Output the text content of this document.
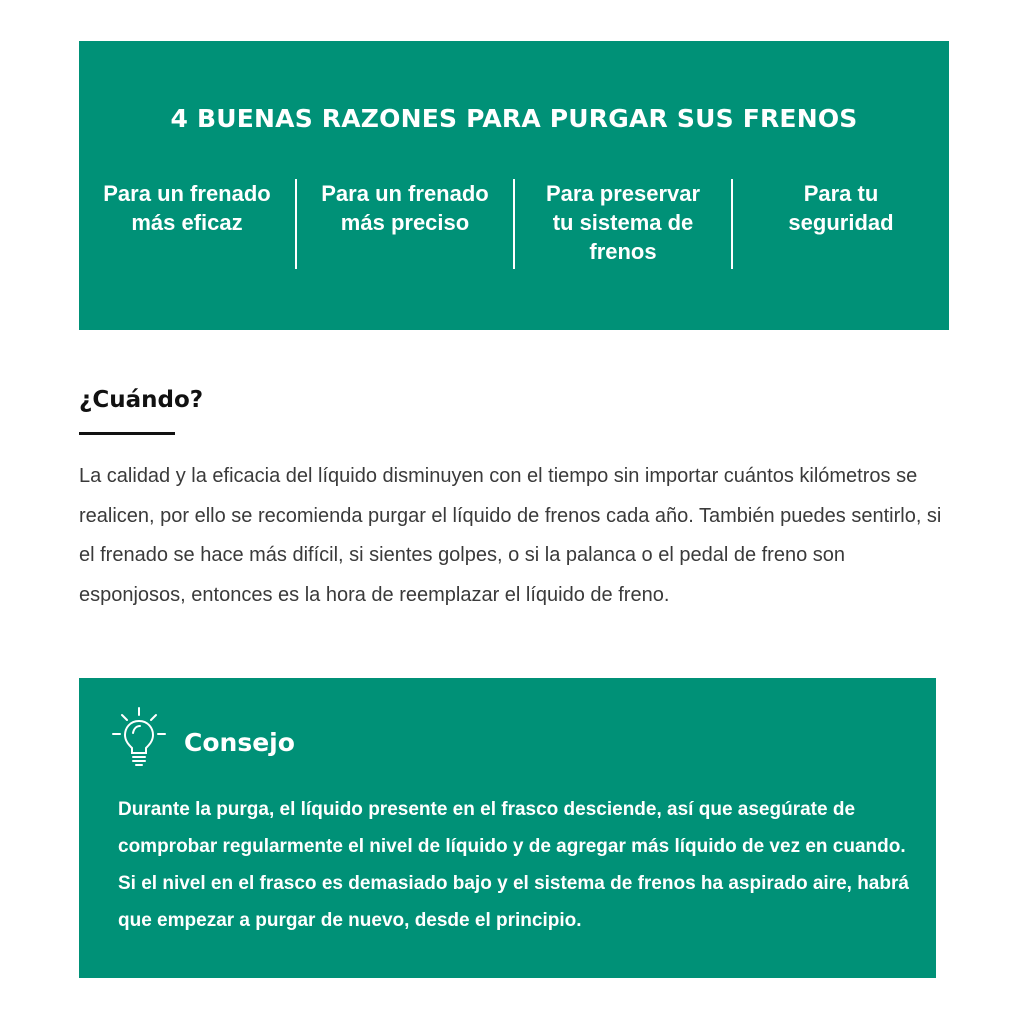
4 BUENAS RAZONES PARA PURGAR SUS FRENOS
Para un frenado más eficaz
Para un frenado más preciso
Para preservar tu sistema de frenos
Para tu seguridad
¿Cuándo?

La calidad y la eficacia del líquido disminuyen con el tiempo sin importar cuántos kilómetros se realicen, por ello se recomienda purgar el líquido de frenos cada año. También puedes sentirlo, si el frenado se hace más difícil, si sientes golpes, o si la palanca o el pedal de freno son esponjosos, entonces es la hora de reemplazar el líquido de freno.

Consejo

Durante la purga, el líquido presente en el frasco desciende, así que asegúrate de comprobar regularmente el nivel de líquido y de agregar más líquido de vez en cuando. Si el nivel en el frasco es demasiado bajo y el sistema de frenos ha aspirado aire, habrá que empezar a purgar de nuevo, desde el principio.
